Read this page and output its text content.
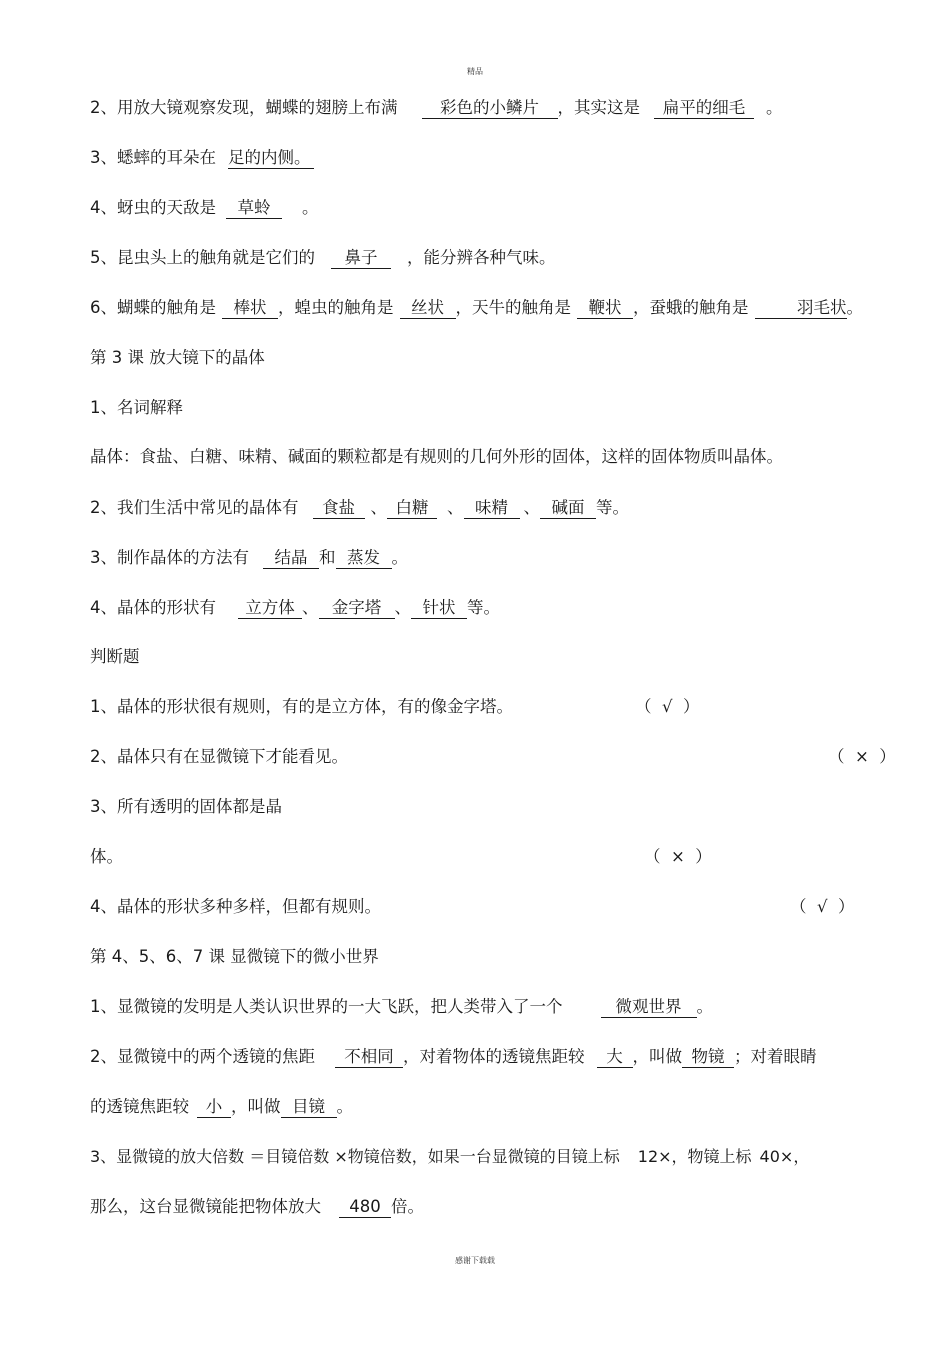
精品
2、用放大镜观察发现，蝴蝶的翅膀上布满	彩色的小鳞片 ，其实这是 扁平的细毛 。
3、蟋蟀的耳朵在 足的内侧。
4、蚜虫的天敌是 草蛉 。
5、昆虫头上的触角就是它们的 鼻子 ，能分辨各种气味。
6、蝴蝶的触角是 棒状 ，蝗虫的触角是 丝状 ，天牛的触角是 鞭状 ，蚕蛾的触角是	羽毛状。
第 3 课 放大镜下的晶体
1、名词解释
晶体：食盐、白糖、味精、碱面的颗粒都是有规则的几何外形的固体，这样的固体物质叫晶体。
2、我们生活中常见的晶体有 食盐 、 白糖 、 味精 、 碱面 等。
3、制作晶体的方法有 结晶 和 蒸发 。
4、晶体的形状有 立方体 、 金字塔 、 针状 等。
判断题
1、晶体的形状很有规则，有的是立方体，有的像金字塔。	（  √  ）
2、晶体只有在显微镜下才能看见。	（  ×  ）
3、所有透明的固体都是晶
体。	（  ×  ）
4、晶体的形状多种多样，但都有规则。	（  √  ）
第 4、5、6、7 课 显微镜下的微小世界
1、显微镜的发明是人类认识世界的一大飞跃，把人类带入了一个	微观世界 。
2、显微镜中的两个透镜的焦距 不相同 ，对着物体的透镜焦距较 大 ，叫做 物镜 ；对着眼睛
的透镜焦距较 小 ，叫做 目镜 。
3、显微镜的放大倍数 ＝目镜倍数 ×物镜倍数，如果一台显微镜的目镜上标 12×，物镜上标 40×，
那么，这台显微镜能把物体放大 480 倍。
感谢下载载
